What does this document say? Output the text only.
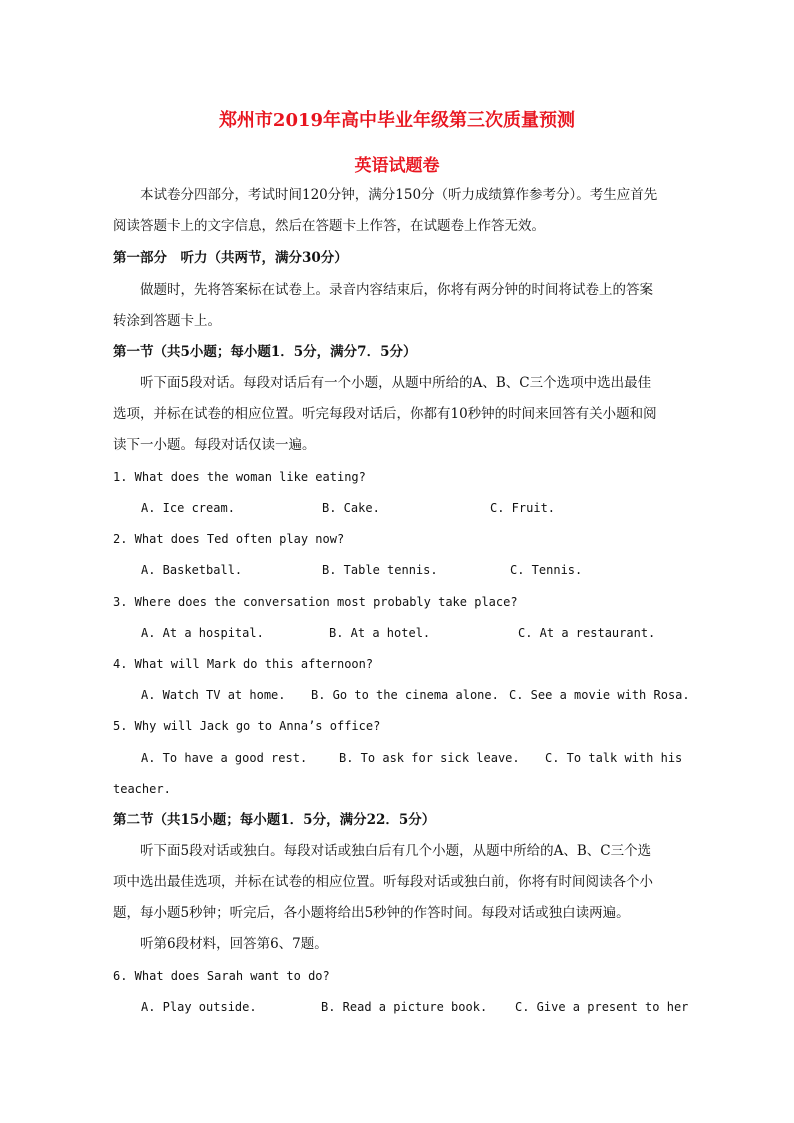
郑州市2019年高中毕业年级第三次质量预测
英语试题卷
本试卷分四部分，考试时间120分钟，满分150分（听力成绩算作参考分）。考生应首先
阅读答题卡上的文字信息，然后在答题卡上作答，在试题卷上作答无效。
第一部分　听力（共两节，满分30分）
做题时，先将答案标在试卷上。录音内容结束后，你将有两分钟的时间将试卷上的答案
转涂到答题卡上。
第一节（共5小题；每小题1．5分，满分7．5分）
听下面5段对话。每段对话后有一个小题，从题中所给的A、B、C三个选项中选出最佳
选项，并标在试卷的相应位置。听完每段对话后，你都有10秒钟的时间来回答有关小题和阅
读下一小题。每段对话仅读一遍。
1. What does the woman like eating?
A. Ice cream.	B. Cake.	C. Fruit.
2. What does Ted often play now?
A. Basketball.	B. Table tennis.	C. Tennis.
3. Where does the conversation most probably take place?
A. At a hospital.	B. At a hotel.	C. At a restaurant.
4. What will Mark do this afternoon?
A. Watch TV at home. B. Go to the cinema alone. C. See a movie with Rosa.
5. Why will Jack go to Anna’s office?
A. To have a good rest.	B. To ask for sick leave. C. To talk with his
teacher.
第二节（共15小题；每小题1．5分，满分22．5分）
听下面5段对话或独白。每段对话或独白后有几个小题，从题中所给的A、B、C三个选
项中选出最佳选项，并标在试卷的相应位置。听每段对话或独白前，你将有时间阅读各个小
题，每小题5秒钟；听完后，各小题将给出5秒钟的作答时间。每段对话或独白读两遍。
听第6段材料，回答第6、7题。
6. What does Sarah want to do?
A. Play outside.	B. Read a picture book. C. Give a present to her
